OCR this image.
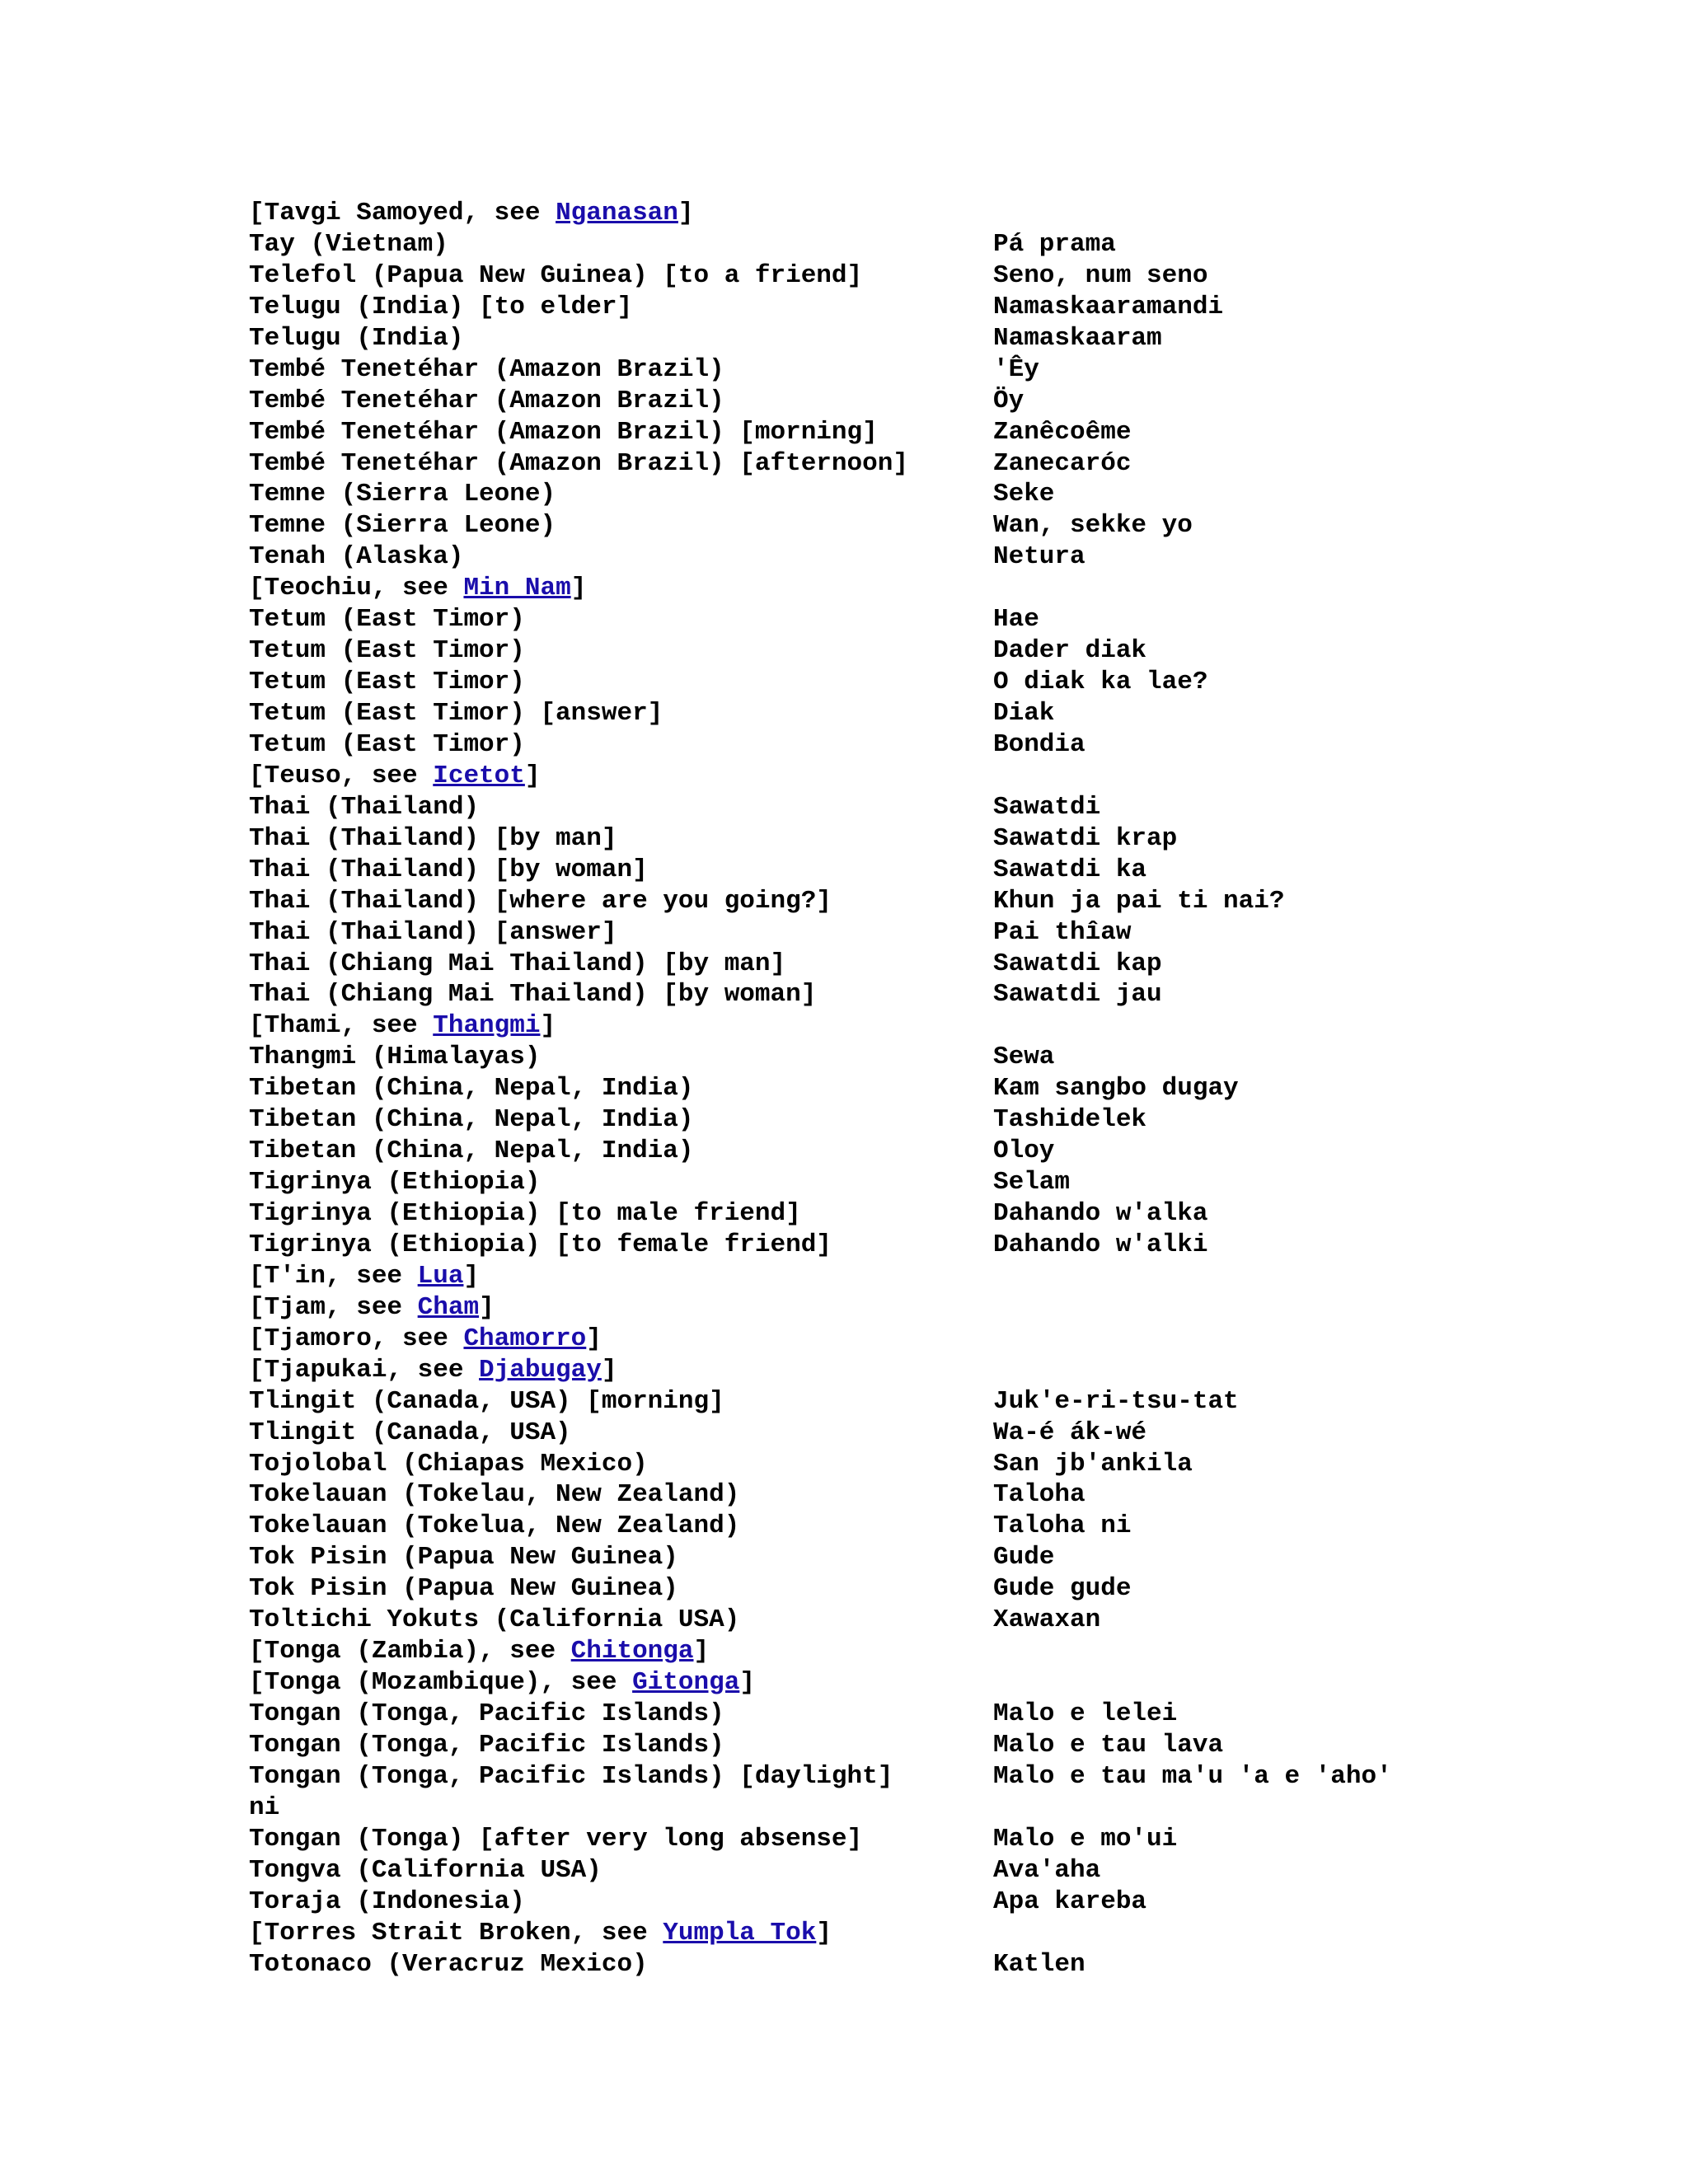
[Tavgi Samoyed, see Nganasan]
Tay (Vietnam)	Pá prama
Telefol (Papua New Guinea) [to a friend]	Seno, num seno
Telugu (India) [to elder]	Namaskaaramandi
Telugu (India)	Namaskaaram
Tembé Tenetéhar (Amazon Brazil)	'Êy
Tembé Tenetéhar (Amazon Brazil)	Öy
Tembé Tenetéhar (Amazon Brazil) [morning]	Zanêcoême
Tembé Tenetéhar (Amazon Brazil) [afternoon]	Zanecaróc
Temne (Sierra Leone)	Seke
Temne (Sierra Leone)	Wan, sekke yo
Tenah (Alaska)	Netura
[Teochiu, see Min Nam]
Tetum (East Timor)	Hae
Tetum (East Timor)	Dader diak
Tetum (East Timor)	O diak ka lae?
Tetum (East Timor) [answer]	Diak
Tetum (East Timor)	Bondia
[Teuso, see Icetot]
Thai (Thailand)	Sawatdi
Thai (Thailand) [by man]	Sawatdi krap
Thai (Thailand) [by woman]	Sawatdi ka
Thai (Thailand) [where are you going?]	Khun ja pai ti nai?
Thai (Thailand) [answer]	Pai thîaw
Thai (Chiang Mai Thailand) [by man]	Sawatdi kap
Thai (Chiang Mai Thailand) [by woman]	Sawatdi jau
[Thami, see Thangmi]
Thangmi (Himalayas)	Sewa
Tibetan (China, Nepal, India)	Kam sangbo dugay
Tibetan (China, Nepal, India)	Tashidelek
Tibetan (China, Nepal, India)	Oloy
Tigrinya (Ethiopia)	Selam
Tigrinya (Ethiopia) [to male friend]	Dahando w'alka
Tigrinya (Ethiopia) [to female friend]	Dahando w'alki
[T'in, see Lua]
[Tjam, see Cham]
[Tjamoro, see Chamorro]
[Tjapukai, see Djabugay]
Tlingit (Canada, USA) [morning]	Juk'e-ri-tsu-tat
Tlingit (Canada, USA)	Wa-é ák-wé
Tojolobal (Chiapas Mexico)	San jb'ankila
Tokelauan (Tokelau, New Zealand)	Taloha
Tokelauan (Tokelua, New Zealand)	Taloha ni
Tok Pisin (Papua New Guinea)	Gude
Tok Pisin (Papua New Guinea)	Gude gude
Toltichi Yokuts (California USA)	Xawaxan
[Tonga (Zambia), see Chitonga]
[Tonga (Mozambique), see Gitonga]
Tongan (Tonga, Pacific Islands)	Malo e lelei
Tongan (Tonga, Pacific Islands)	Malo e tau lava
Tongan (Tonga, Pacific Islands) [daylight]	Malo e tau ma'u 'a e 'aho'
ni
Tongan (Tonga) [after very long absense]	Malo e mo'ui
Tongva (California USA)	Ava'aha
Toraja (Indonesia)	Apa kareba
[Torres Strait Broken, see Yumpla Tok]
Totonaco (Veracruz Mexico)	Katlen
